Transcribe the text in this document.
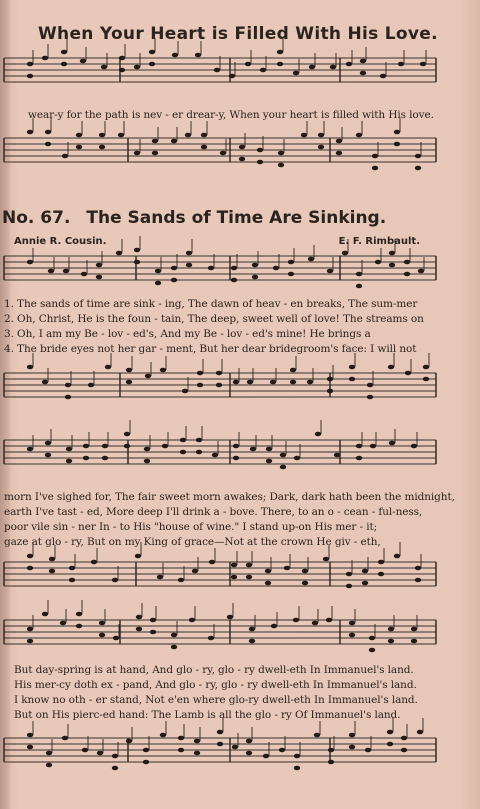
When Your Heart is Filled With His Love.
wear-y for the path is nev - er drear-y, When your heart is filled with His love.
No. 67. The Sands of Time Are Sinking.
Annie R. Cousin.	E. F. Rimbault.
1. The sands of time are sink - ing, The dawn of heav - en breaks, The sum-mer
2. Oh, Christ, He is the foun - tain, The deep, sweet well of love! The streams on
3. Oh, I am my Be - lov - ed's, And my Be - lov - ed's mine! He brings a
4. The bride eyes not her gar - ment, But her dear bridegroom's face: I will not
morn I've sighed for, The fair sweet morn awakes; Dark, dark hath been the midnight,
earth I've tast - ed, More deep I'll drink a - bove. There, to an o - cean - ful-ness,
poor vile sin - ner In - to His "house of wine." I stand up-on His mer - it;
gaze at glo - ry, But on my King of grace—Not at the crown He giv - eth,
But day-spring is at hand, And glo - ry, glo - ry dwell-eth In Immanuel's land.
His mer-cy doth ex - pand, And glo - ry, glo - ry dwell-eth In Immanuel's land.
I know no oth - er stand, Not e'en where glo-ry dwell-eth In Immanuel's land.
But on His pierc-ed hand: The Lamb is all the glo - ry Of Immanuel's land.
